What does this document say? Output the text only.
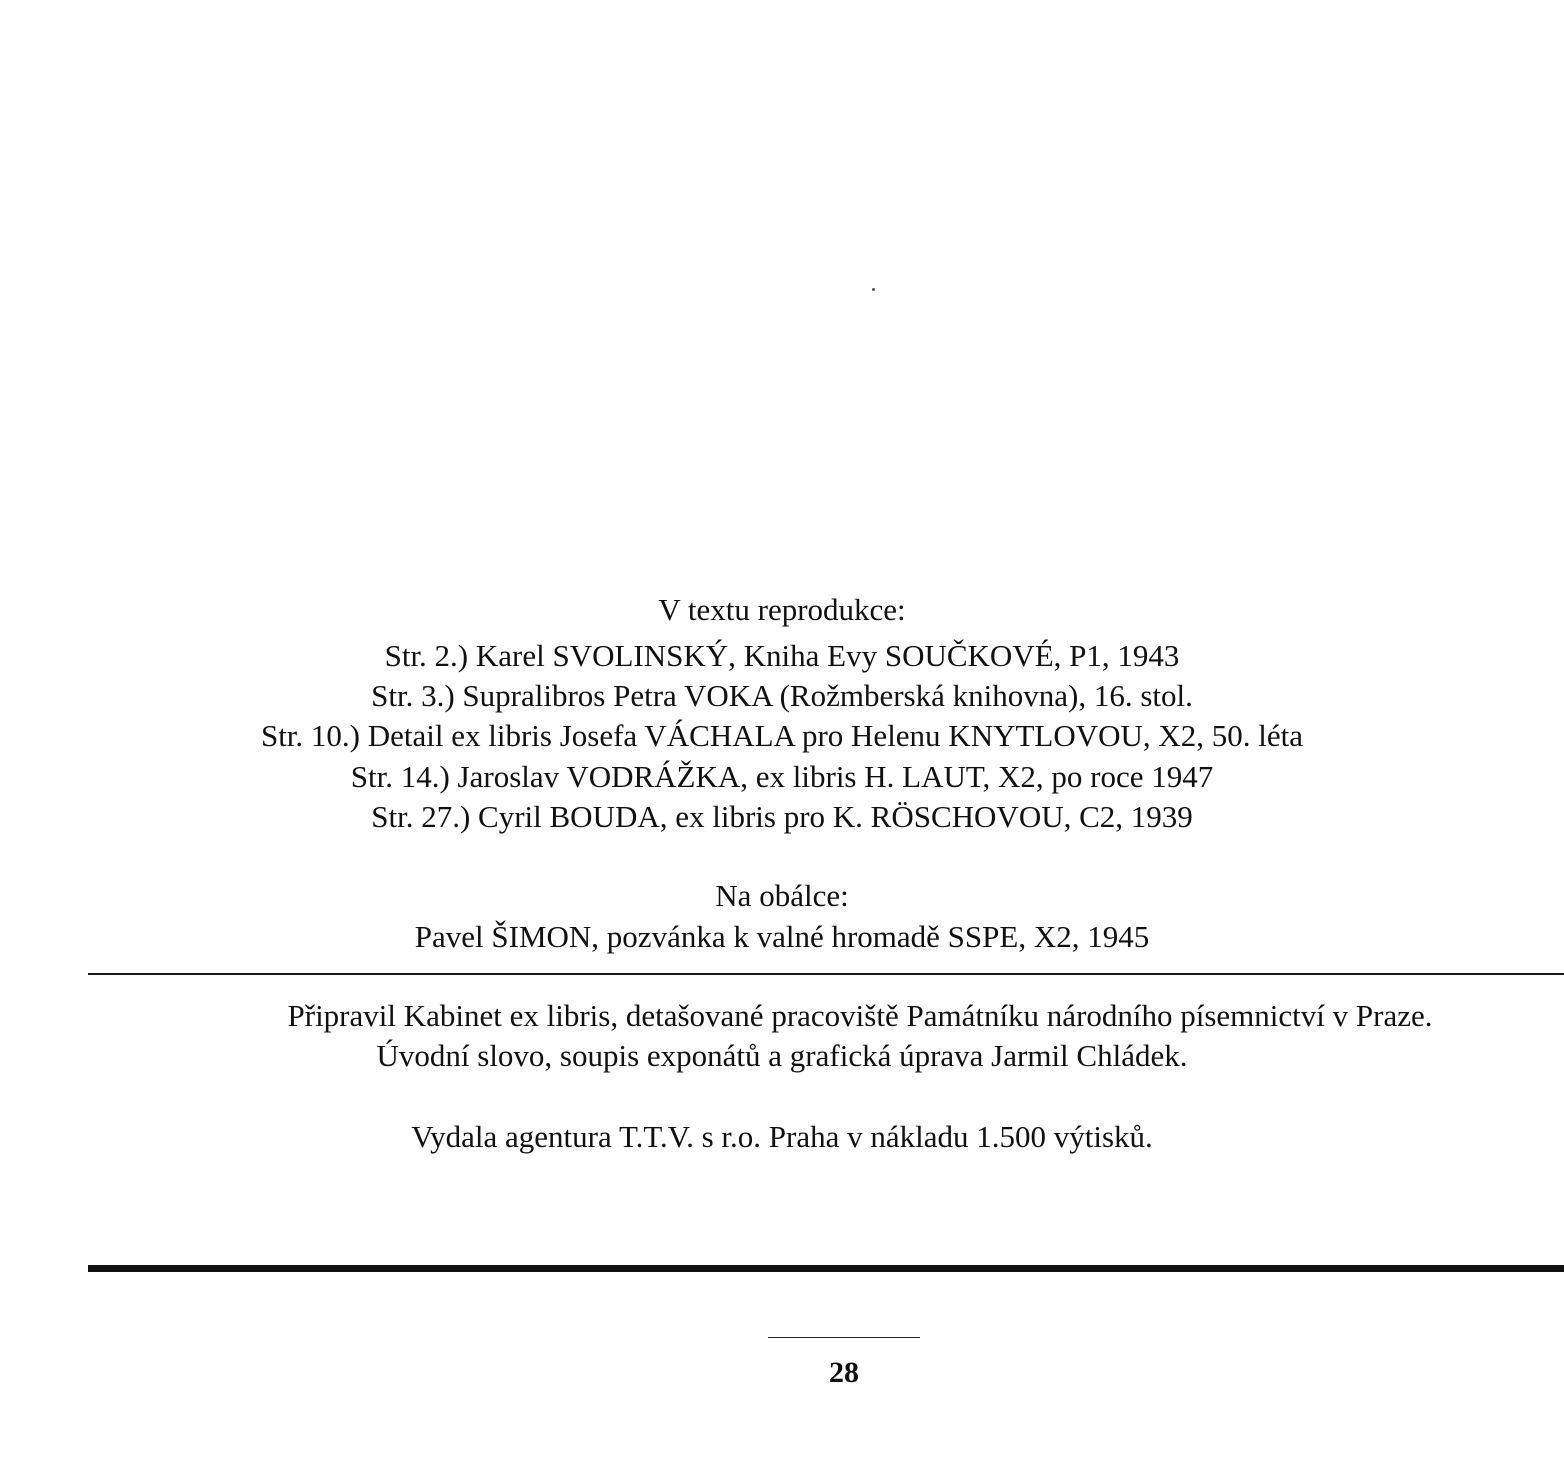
V textu reprodukce:
Str. 2.) Karel SVOLINSKÝ, Kniha Evy SOUČKOVÉ, P1, 1943
Str. 3.) Supralibros Petra VOKA (Rožmberská knihovna), 16. stol.
Str. 10.) Detail ex libris Josefa VÁCHALA pro Helenu KNYTLOVOU, X2, 50. léta
Str. 14.) Jaroslav VODRÁŽKA, ex libris H. LAUT, X2, po roce 1947
Str. 27.) Cyril BOUDA, ex libris pro K. RÖSCHOVOU, C2, 1939
Na obálce:
Pavel ŠIMON, pozvánka k valné hromadě SSPE, X2, 1945
Připravil Kabinet ex libris, detašované pracoviště Památníku národního písemnictví v Praze.
Úvodní slovo, soupis exponátů a grafická úprava Jarmil Chládek.
Vydala agentura T.T.V. s r.o. Praha v nákladu 1.500 výtisků.
28
